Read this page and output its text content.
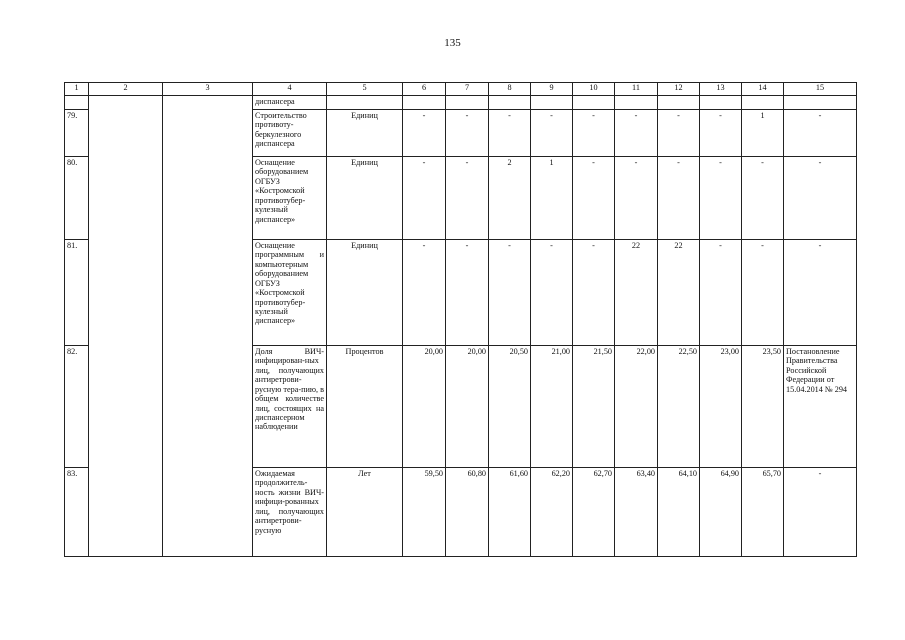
135
1	2	3	4	5	6	7	8	9	10	11	12	13	14	15
			диспансера											
79.			Строительство противоту-беркулезного диспансера	Единиц	-	-	-	-	-	-	-	-	1	-
80.			Оснащение оборудованием ОГБУЗ «Костромской противотубер-кулезный диспансер»	Единиц	-	-	2	1	-	-	-	-	-	-
81.			Оснащение программным и компьютерным оборудованием ОГБУЗ «Костромской противотубер-кулезный диспансер»	Единиц	-	-	-	-	-	22	22	-	-	-
82.			Доля ВИЧ-инфицирован-ных лиц, получающих антиретрови-русную тера-пию, в общем количестве лиц, состоящих на диспансерном наблюдении	Процентов	20,00	20,00	20,50	21,00	21,50	22,00	22,50	23,00	23,50	Постановление Правительства Российской Федерации от 15.04.2014 № 294
83.			Ожидаемая продолжитель-ность жизни ВИЧ-инфици-рованных лиц, получающих антиретрови-русную	Лет	59,50	60,80	61,60	62,20	62,70	63,40	64,10	64,90	65,70	-
